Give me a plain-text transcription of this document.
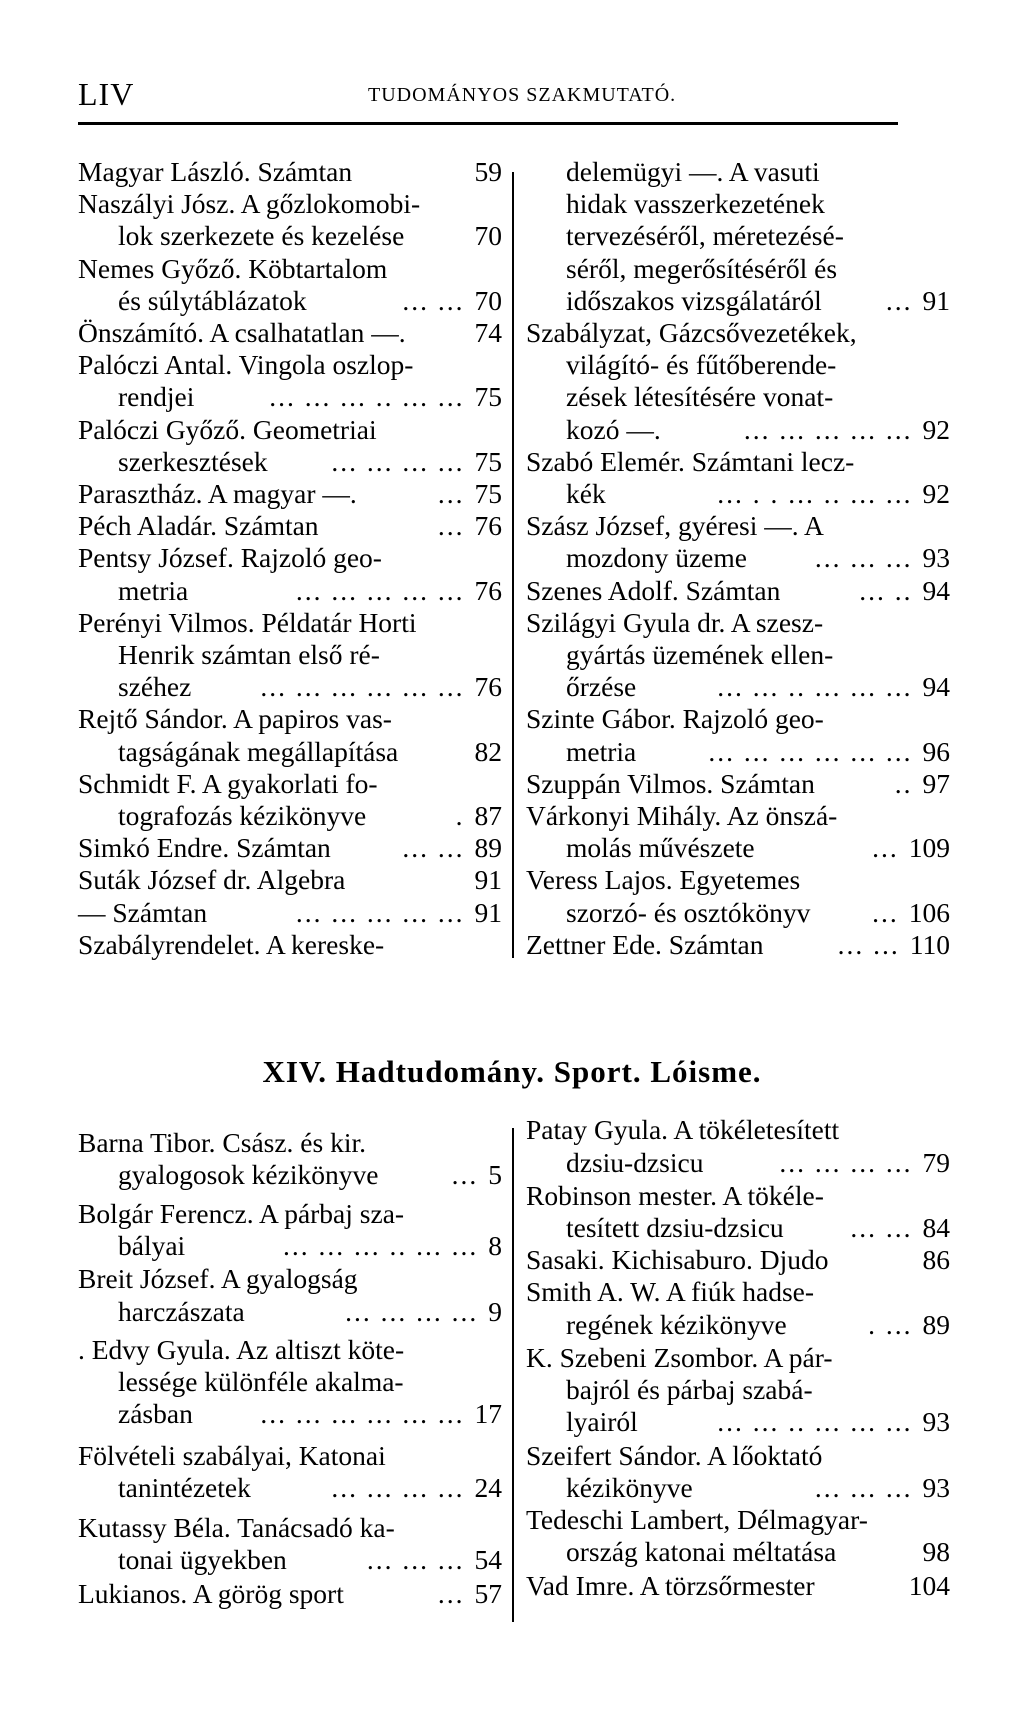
LIV	TUDOMÁNYOS SZAKMUTATÓ.
Magyar László. Számtan	59
Naszályi Jósz. A gőzlokomobi-
lok szerkezete és kezelése	70
Nemes Győző. Köbtartalom
és súlytáblázatok	70
... ...
Önszámító. A csalhatatlan —.	74
Palóczi Antal. Vingola oszlop-
rendjei	75
... ... ... .. ... ...
Palóczi Győző. Geometriai
szerkesztések	75
... ... ... ...
Parasztház. A magyar —.	75
...
Péch Aladár. Számtan	76
...
Pentsy József. Rajzoló geo-
metria	76
... ... ... ... ...
Perényi Vilmos. Példatár Horti
Henrik számtan első ré-
széhez	76
... ... ... ... ... ...
Rejtő Sándor. A papiros vas-
tagságának megállapítása	82
Schmidt F. A gyakorlati fo-
tografozás kézikönyve	87
.
Simkó Endre. Számtan	89
... ...
Suták József dr. Algebra	91
— Számtan	91
... ... ... ... ...
Szabályrendelet. A kereske-
delemügyi —. A vasuti
hidak vasszerkezetének
tervezéséről, méretezésé-
séről, megerősítéséről és
időszakos vizsgálatáról	91
...
Szabályzat, Gázcsővezetékek,
világító- és fűtőberende-
zések létesítésére vonat-
kozó —.	92
... ... ... ... ...
Szabó Elemér. Számtani lecz-
kék	92
... . . ... .. ... ...
Szász József, gyéresi —. A
mozdony üzeme	93
... ... ...
Szenes Adolf. Számtan	94
... ..
Szilágyi Gyula dr. A szesz-
gyártás üzemének ellen-
őrzése	94
... ... .. ... ... ...
Szinte Gábor. Rajzoló geo-
metria	96
... ... ... ... ... ...
Szuppán Vilmos. Számtan	97
..
Várkonyi Mihály. Az önszá-
molás művészete	109
...
Veress Lajos. Egyetemes
szorzó- és osztókönyv	106
...
Zettner Ede. Számtan	110
... ...
XIV. Hadtudomány. Sport. Lóisme.
Barna Tibor. Csász. és kir.
gyalogosok kézikönyve	5
...
Bolgár Ferencz. A párbaj sza-
bályai	8
... ... ... .. ... ...
Breit József. A gyalogság
harczászata	9
... ... ... ...
. Edvy Gyula. Az altiszt köte-
lessége különféle akalma-
zásban	17
... ... ... ... ... ...
Fölvételi szabályai, Katonai
tanintézetek	24
... ... ... ...
Kutassy Béla. Tanácsadó ka-
tonai ügyekben	54
... ... ...
Lukianos. A görög sport	57
...
Patay Gyula. A tökéletesített
dzsiu-dzsicu	79
... ... ... ...
Robinson mester. A tökéle-
tesített dzsiu-dzsicu	84
... ...
Sasaki. Kichisaburo. Djudo	86
Smith A. W. A fiúk hadse-
regének kézikönyve	89
. ...
K. Szebeni Zsombor. A pár-
bajról és párbaj szabá-
lyairól	93
... ... .. ... ... ...
Szeifert Sándor. A lőoktató
kézikönyve	93
... ... ...
Tedeschi Lambert, Délmagyar-
ország katonai méltatása	98
Vad Imre. A törzsőrmester	104
